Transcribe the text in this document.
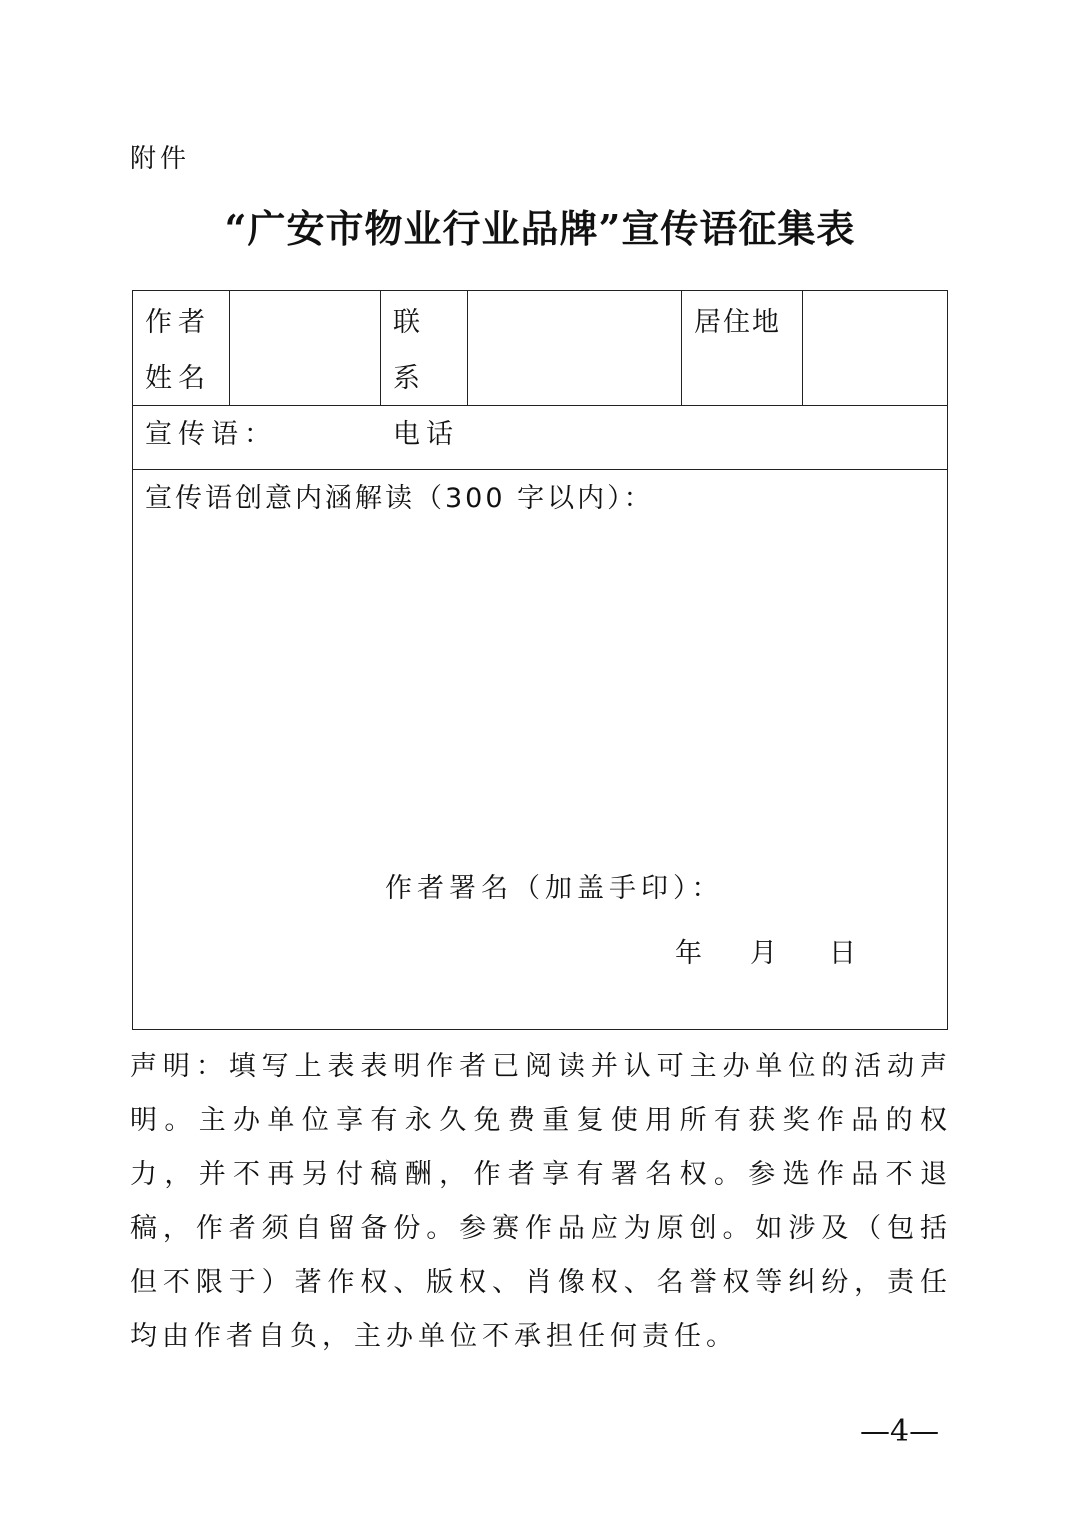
附件
“广安市物业行业品牌”宣传语征集表
作者
姓名
联 系
电话
居住地
宣传语：
宣传语创意内涵解读（300 字以内）：
作者署名（加盖手印）：
年 月 日
声明：填写上表表明作者已阅读并认可主办单位的活动声明。主办单位享有永久免费重复使用所有获奖作品的权力，并不再另付稿酬，作者享有署名权。参选作品不退稿，作者须自留备份。参赛作品应为原创。如涉及（包括但不限于）著作权、版权、肖像权、名誉权等纠纷，责任均由作者自负，主办单位不承担任何责任。
—4—
